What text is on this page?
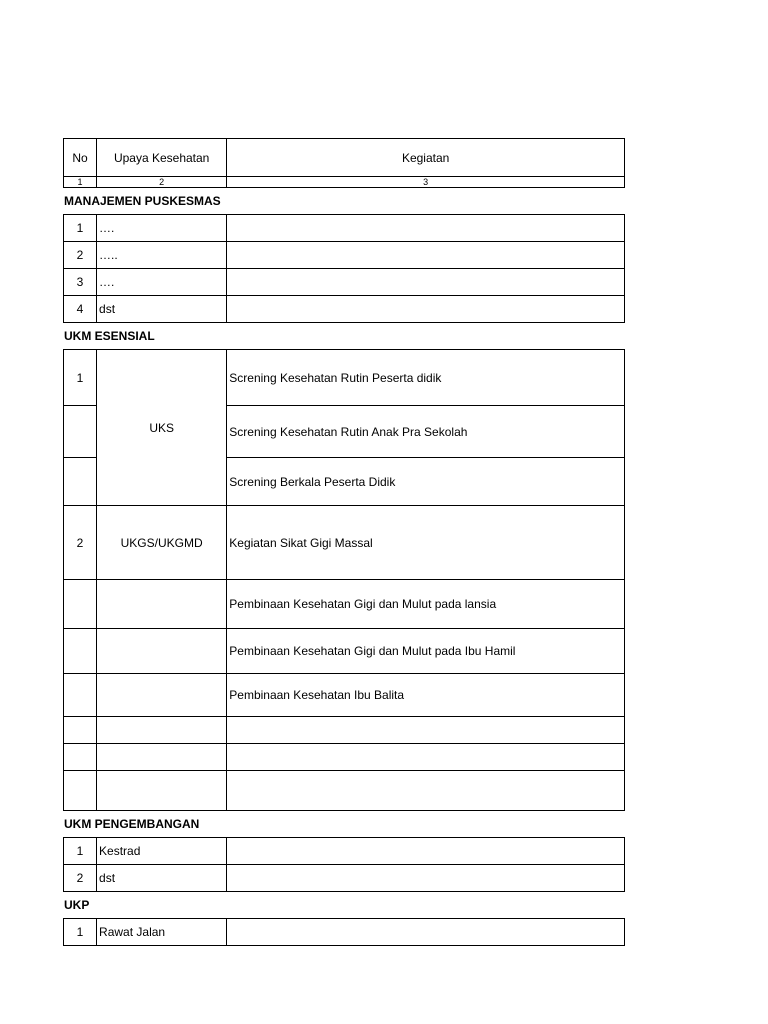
No	Upaya Kesehatan	Kegiatan
1	2	3
MANAJEMEN PUSKESMAS
1	….	
2	…..	
3	….	
4	dst	
UKM ESENSIAL
1	UKS	Screning Kesehatan Rutin Peserta didik
		Screning Kesehatan Rutin Anak Pra Sekolah
		Screning Berkala Peserta Didik
2	UKGS/UKGMD	Kegiatan Sikat Gigi Massal
		Pembinaan Kesehatan Gigi dan Mulut pada lansia
		Pembinaan Kesehatan Gigi dan Mulut pada Ibu Hamil
		Pembinaan Kesehatan Ibu Balita

UKM PENGEMBANGAN
1	Kestrad	
2	dst	
UKP
1	Rawat Jalan	
